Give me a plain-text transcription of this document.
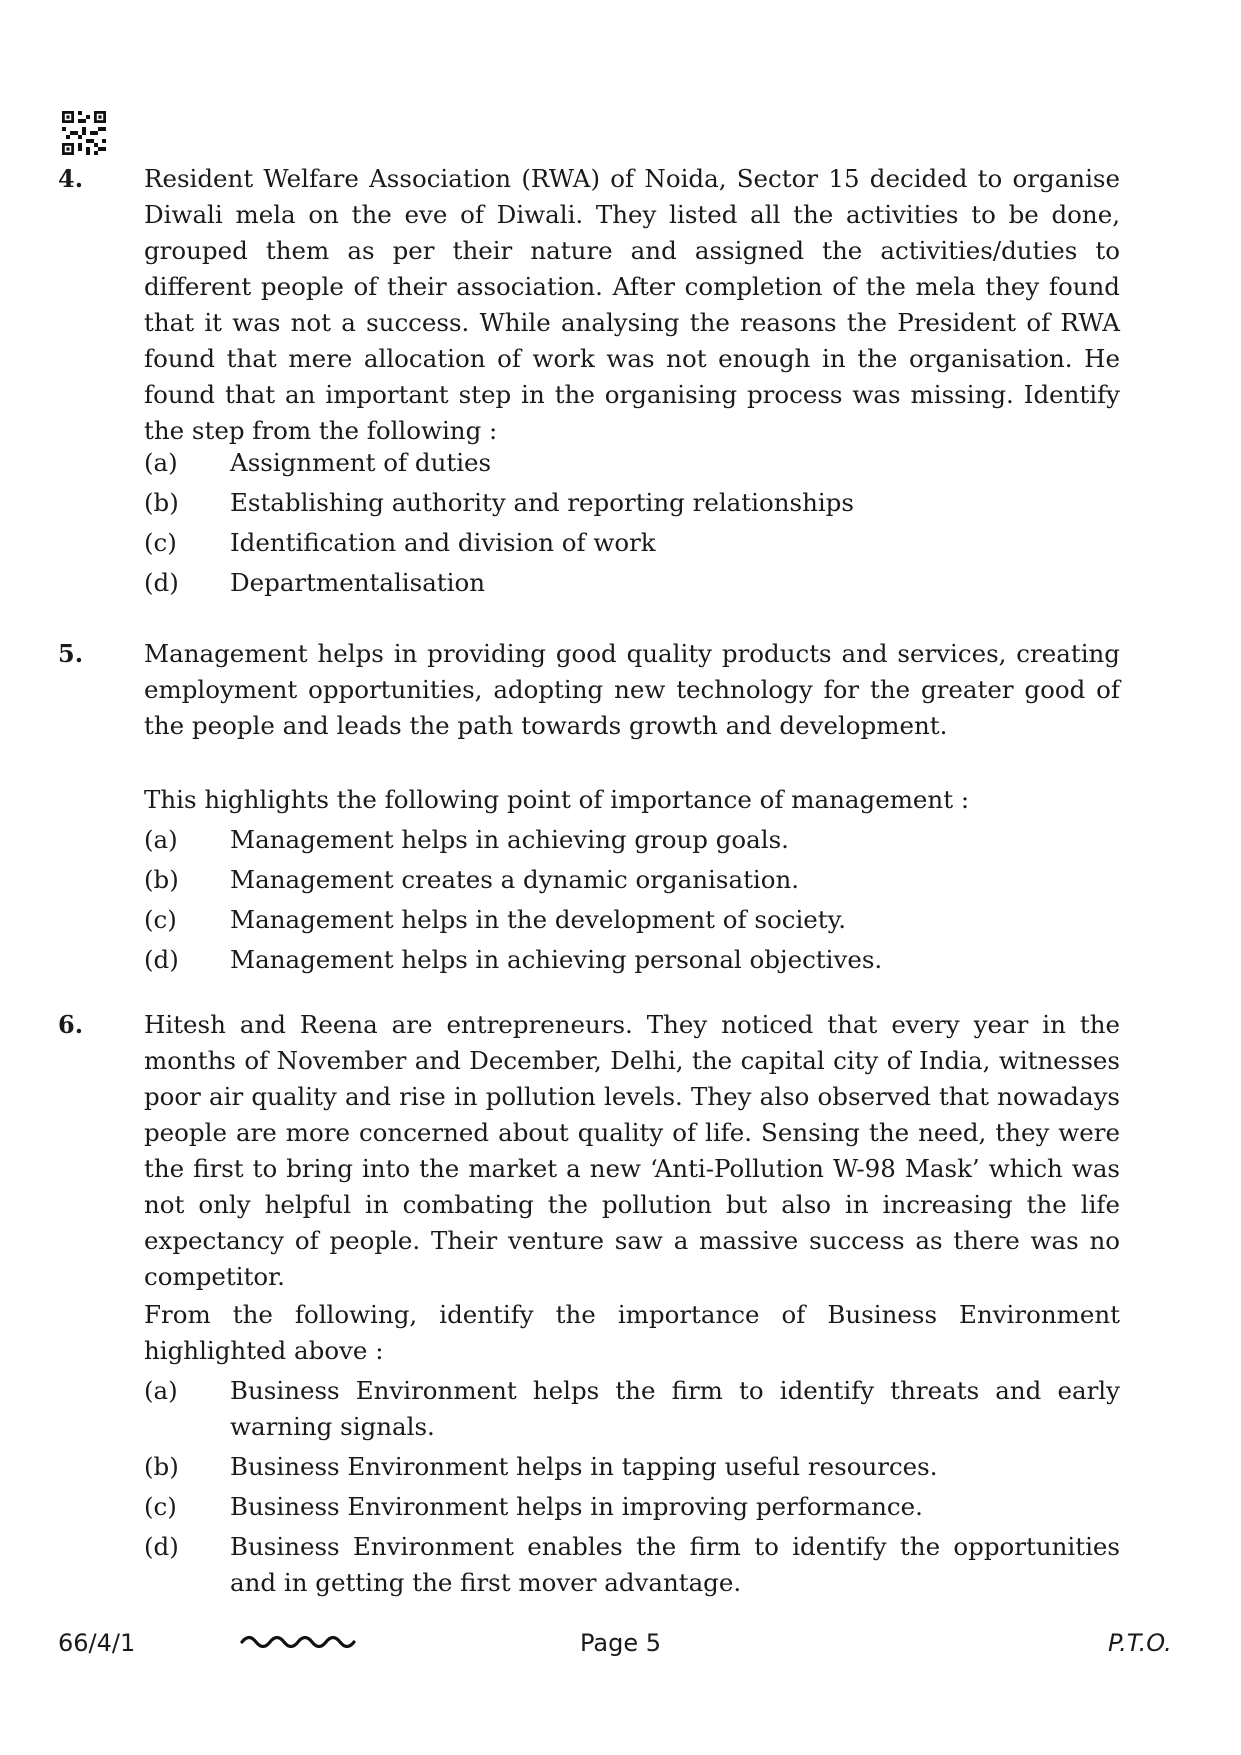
4. Resident Welfare Association (RWA) of Noida, Sector 15 decided to organise Diwali mela on the eve of Diwali. They listed all the activities to be done, grouped them as per their nature and assigned the activities/duties to different people of their association. After completion of the mela they found that it was not a success. While analysing the reasons the President of RWA found that mere allocation of work was not enough in the organisation. He found that an important step in the organising process was missing. Identify the step from the following :

(a) Assignment of duties
(b) Establishing authority and reporting relationships
(c) Identification and division of work
(d) Departmentalisation
5. Management helps in providing good quality products and services, creating employment opportunities, adopting new technology for the greater good of the people and leads the path towards growth and development.

This highlights the following point of importance of management :

(a) Management helps in achieving group goals.
(b) Management creates a dynamic organisation.
(c) Management helps in the development of society.
(d) Management helps in achieving personal objectives.
6. Hitesh and Reena are entrepreneurs. They noticed that every year in the months of November and December, Delhi, the capital city of India, witnesses poor air quality and rise in pollution levels. They also observed that nowadays people are more concerned about quality of life. Sensing the need, they were the first to bring into the market a new ‘Anti-Pollution W-98 Mask’ which was not only helpful in combating the pollution but also in increasing the life expectancy of people. Their venture saw a massive success as there was no competitor.

From the following, identify the importance of Business Environment highlighted above :

(a) Business Environment helps the firm to identify threats and early warning signals.
(b) Business Environment helps in tapping useful resources.
(c) Business Environment helps in improving performance.
(d) Business Environment enables the firm to identify the opportunities and in getting the first mover advantage.
66/4/1	Page 5	P.T.O.
